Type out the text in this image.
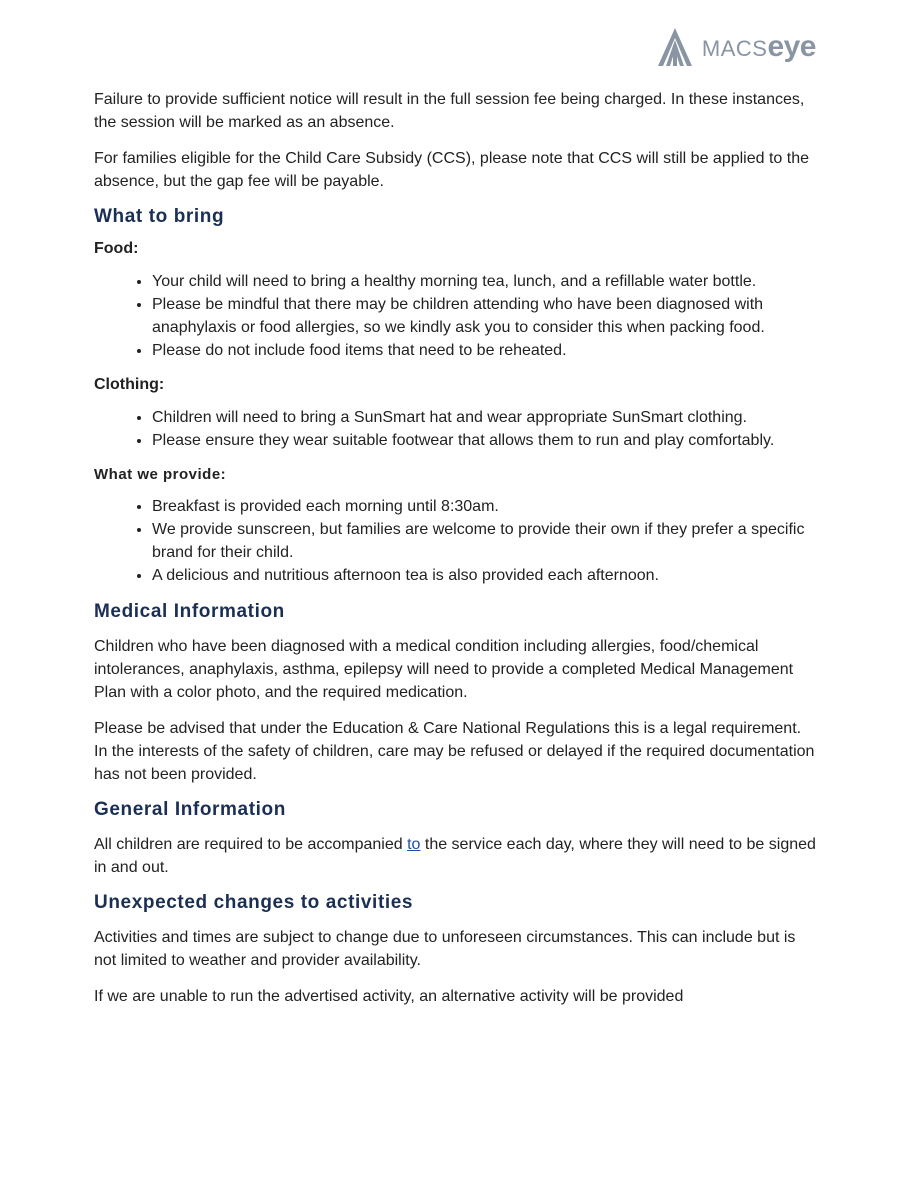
MACSeye

Failure to provide sufficient notice will result in the full session fee being charged. In these instances, the session will be marked as an absence.

For families eligible for the Child Care Subsidy (CCS), please note that CCS will still be applied to the absence, but the gap fee will be payable.

What to bring
Food:
• Your child will need to bring a healthy morning tea, lunch, and a refillable water bottle.
• Please be mindful that there may be children attending who have been diagnosed with anaphylaxis or food allergies, so we kindly ask you to consider this when packing food.
• Please do not include food items that need to be reheated.
Clothing:
• Children will need to bring a SunSmart hat and wear appropriate SunSmart clothing.
• Please ensure they wear suitable footwear that allows them to run and play comfortably.
What we provide:
• Breakfast is provided each morning until 8:30am.
• We provide sunscreen, but families are welcome to provide their own if they prefer a specific brand for their child.
• A delicious and nutritious afternoon tea is also provided each afternoon.
Medical Information

Children who have been diagnosed with a medical condition including allergies, food/chemical intolerances, anaphylaxis, asthma, epilepsy will need to provide a completed Medical Management Plan with a color photo, and the required medication.

Please be advised that under the Education & Care National Regulations this is a legal requirement. In the interests of the safety of children, care may be refused or delayed if the required documentation has not been provided.

General Information

All children are required to be accompanied to the service each day, where they will need to be signed in and out.

Unexpected changes to activities

Activities and times are subject to change due to unforeseen circumstances. This can include but is not limited to weather and provider availability.

If we are unable to run the advertised activity, an alternative activity will be provided
